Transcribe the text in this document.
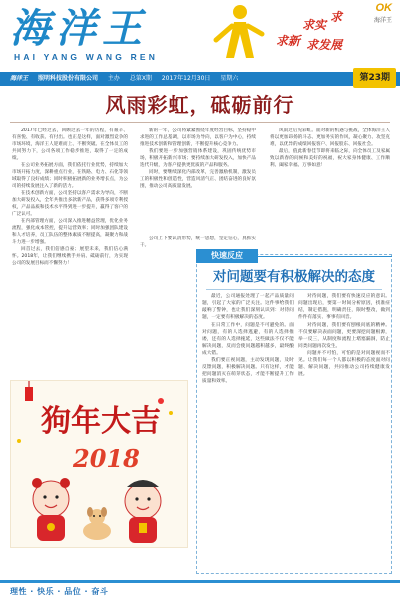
海洋王
HAI YANG WANG REN
OK
海洋王
求实
求
求新 求发展
海洋王 照明科技股份有限公司 主办 总第X期 2017年12月30日 星期六	第23期
风雨彩虹，砥砺前行

2017年已经过去，回顾过去一年的历程，有艰辛、有喜悦、有收获、有付出。也正是这样，面对激烈竞争的市场环境，海洋王人迎难而上、不断突破。在全体员工的共同努力下，公司各项工作稳步推进，取得了一定的成绩。

在公司业务拓展方面，我们依托行业优势，持续加大市场开拓力度，深耕重点行业，在铁路、电力、石化等领域取得了良好成绩；同时积极拓展新的业务增长点，为公司的持续发展注入了新的活力。

在技术创新方面，公司坚持以客户需求为导向，不断加大研发投入，全年共推出多款新产品，获得多项专利授权，产品品质和技术水平得到进一步提升，赢得了客户的广泛认可。

在内部管理方面，公司深入推进精益管理，优化业务流程，强化成本管控，提升运营效率；同时加强团队建设和人才培养，员工队伍的整体素质不断提高，凝聚力和战斗力进一步增强。

回首过去，我们倍感自豪；展望未来，我们信心满怀。2018年，让我们继续携手并肩、砥砺前行，为实现公司的发展目标而不懈努力！

新的一年，公司将紧紧围绕年度经营目标，坚持稳中求进的工作总基调，以市场为导向，以客户为中心，持续推进技术创新和管理创新，不断提升核心竞争力。

我们要进一步加强营销体系建设，巩固传统优势市场，积极开拓新兴市场；要持续加大研发投入，加快产品迭代升级，为客户提供更优质的产品和服务。

同时，要继续深化内部改革，完善激励机制，激发员工的积极性和创造性，营造风清气正、团结奋进的良好氛围，推动公司高质量发展。

风雨过后见彩虹。面对新的机遇与挑战，全体海洋王人将以更加昂扬的斗志、更加务实的作风，凝心聚力、攻坚克难，以优异的成绩回报客户、回报股东、回报社会。

最后，值此新春佳节即将来临之际，向全体员工及家属致以新春的问候和美好的祝福，祝大家身体健康、工作顺利、阖家幸福、万事如意！

公司上下要认清形势，统一思想，坚定信心，真抓实干。

狗年大吉
2018
快速反应
对问题要有积极解决的态度

最近，公司通报处理了一起产品质量问题，引起了大家的广泛关注。这件事给我们敲响了警钟，也让我们深刻认识到：对待问题，一定要有积极解决的态度。

在日常工作中，问题是不可避免的。面对问题，有的人选择逃避，有的人选择推诿，还有的人选择拖延，这些做法不仅不能解决问题，反而会使问题越积越多，最终酿成大错。

我们要正视问题，主动发现问题，及时反馈问题，积极解决问题。只有这样，才能把问题消灭在萌芽状态，才能不断提升工作质量和效率。

对待问题，我们要有快速反应的意识。问题出现后，要第一时间分析原因，找准症结，制定措施，明确责任，限时整改，做到件件有落实、事事有回音。

对待问题，我们要有刨根问底的精神。不仅要解决表面问题，更要深挖问题根源，举一反三，从制度和流程上堵塞漏洞，防止同类问题再次发生。

问题并不可怕，可怕的是对问题视而不见。让我们每一个人都以积极的态度面对问题、解决问题，共同推动公司持续健康发展。

理性 · 快乐 · 品位 · 奋斗
